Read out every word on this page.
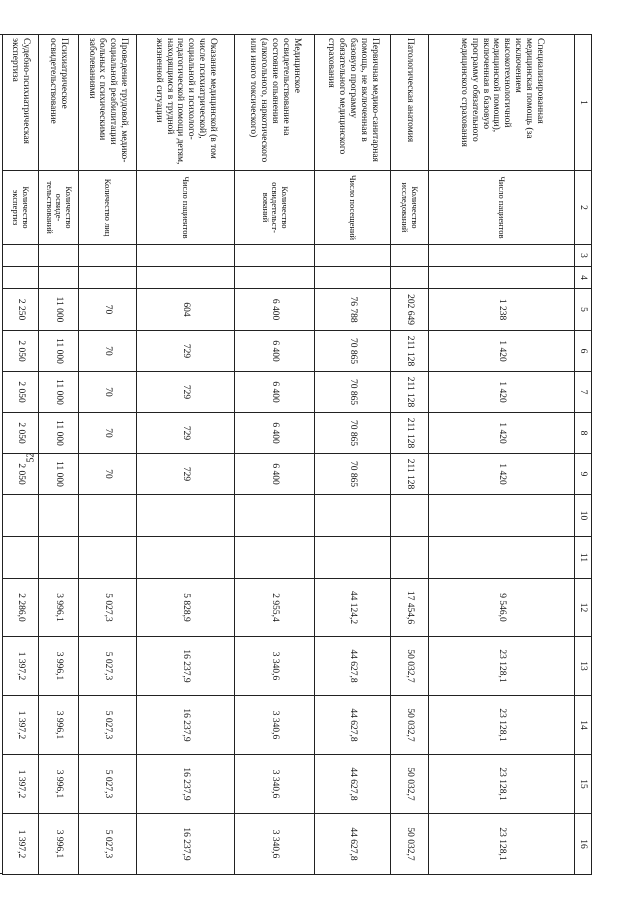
52
1	2	3	4	5	6	7	8	9	10	11	12	13	14	15	16
Специализированная медицинская помощь (за исключением высокотехнологичной медицинской помощи), включенная в базовую программу обязательного медицинского страхования	Число пациентов			1 238	1 420	1 420	1 420	1 420			9 546,0	23 128,1	23 128,1	23 128,1	23 128,1
Патологическая анатомия	Количество исследований			202 649	211 128	211 128	211 128	211 128			17 454,6	50 032,7	50 032,7	50 032,7	50 032,7
Первичная медико-санитарная помощь, не включенная в базовую программу обязательного медицинского страхования	Число посещений			76 788	70 865	70 865	70 865	70 865			44 124,2	44 627,8	44 627,8	44 627,8	44 627,8
Медицинское освидетельствование на состояние опьянения (алкогольного, наркотического или иного токсического)	Количество освидетельст-вований			6 400	6 400	6 400	6 400	6 400			2 955,4	3 340,6	3 340,6	3 340,6	3 340,6
Оказание медицинской (в том числе психиатрической), социальной и психолого-педагогической помощи детям, находящимся в трудной жизненной ситуации	Число пациентов			604	729	729	729	729			5 828,9	16 237,9	16 237,9	16 237,9	16 237,9
Проведение трудовой, медико-социальной реабилитации больных с психическими заболеваниями	Количество лиц			70	70	70	70	70			5 027,3	5 027,3	5 027,3	5 027,3	5 027,3
Психиатрическое освидетельствование	Количество освиде-тельствований			11 000	11 000	11 000	11 000	11 000			3 996,1	3 996,1	3 996,1	3 996,1	3 996,1
Судебно-психиатрическая экспертиза	Количество экспертиз			2 250	2 050	2 050	2 050	2 050			2 286,0	1 397,2	1 397,2	1 397,2	1 397,2
